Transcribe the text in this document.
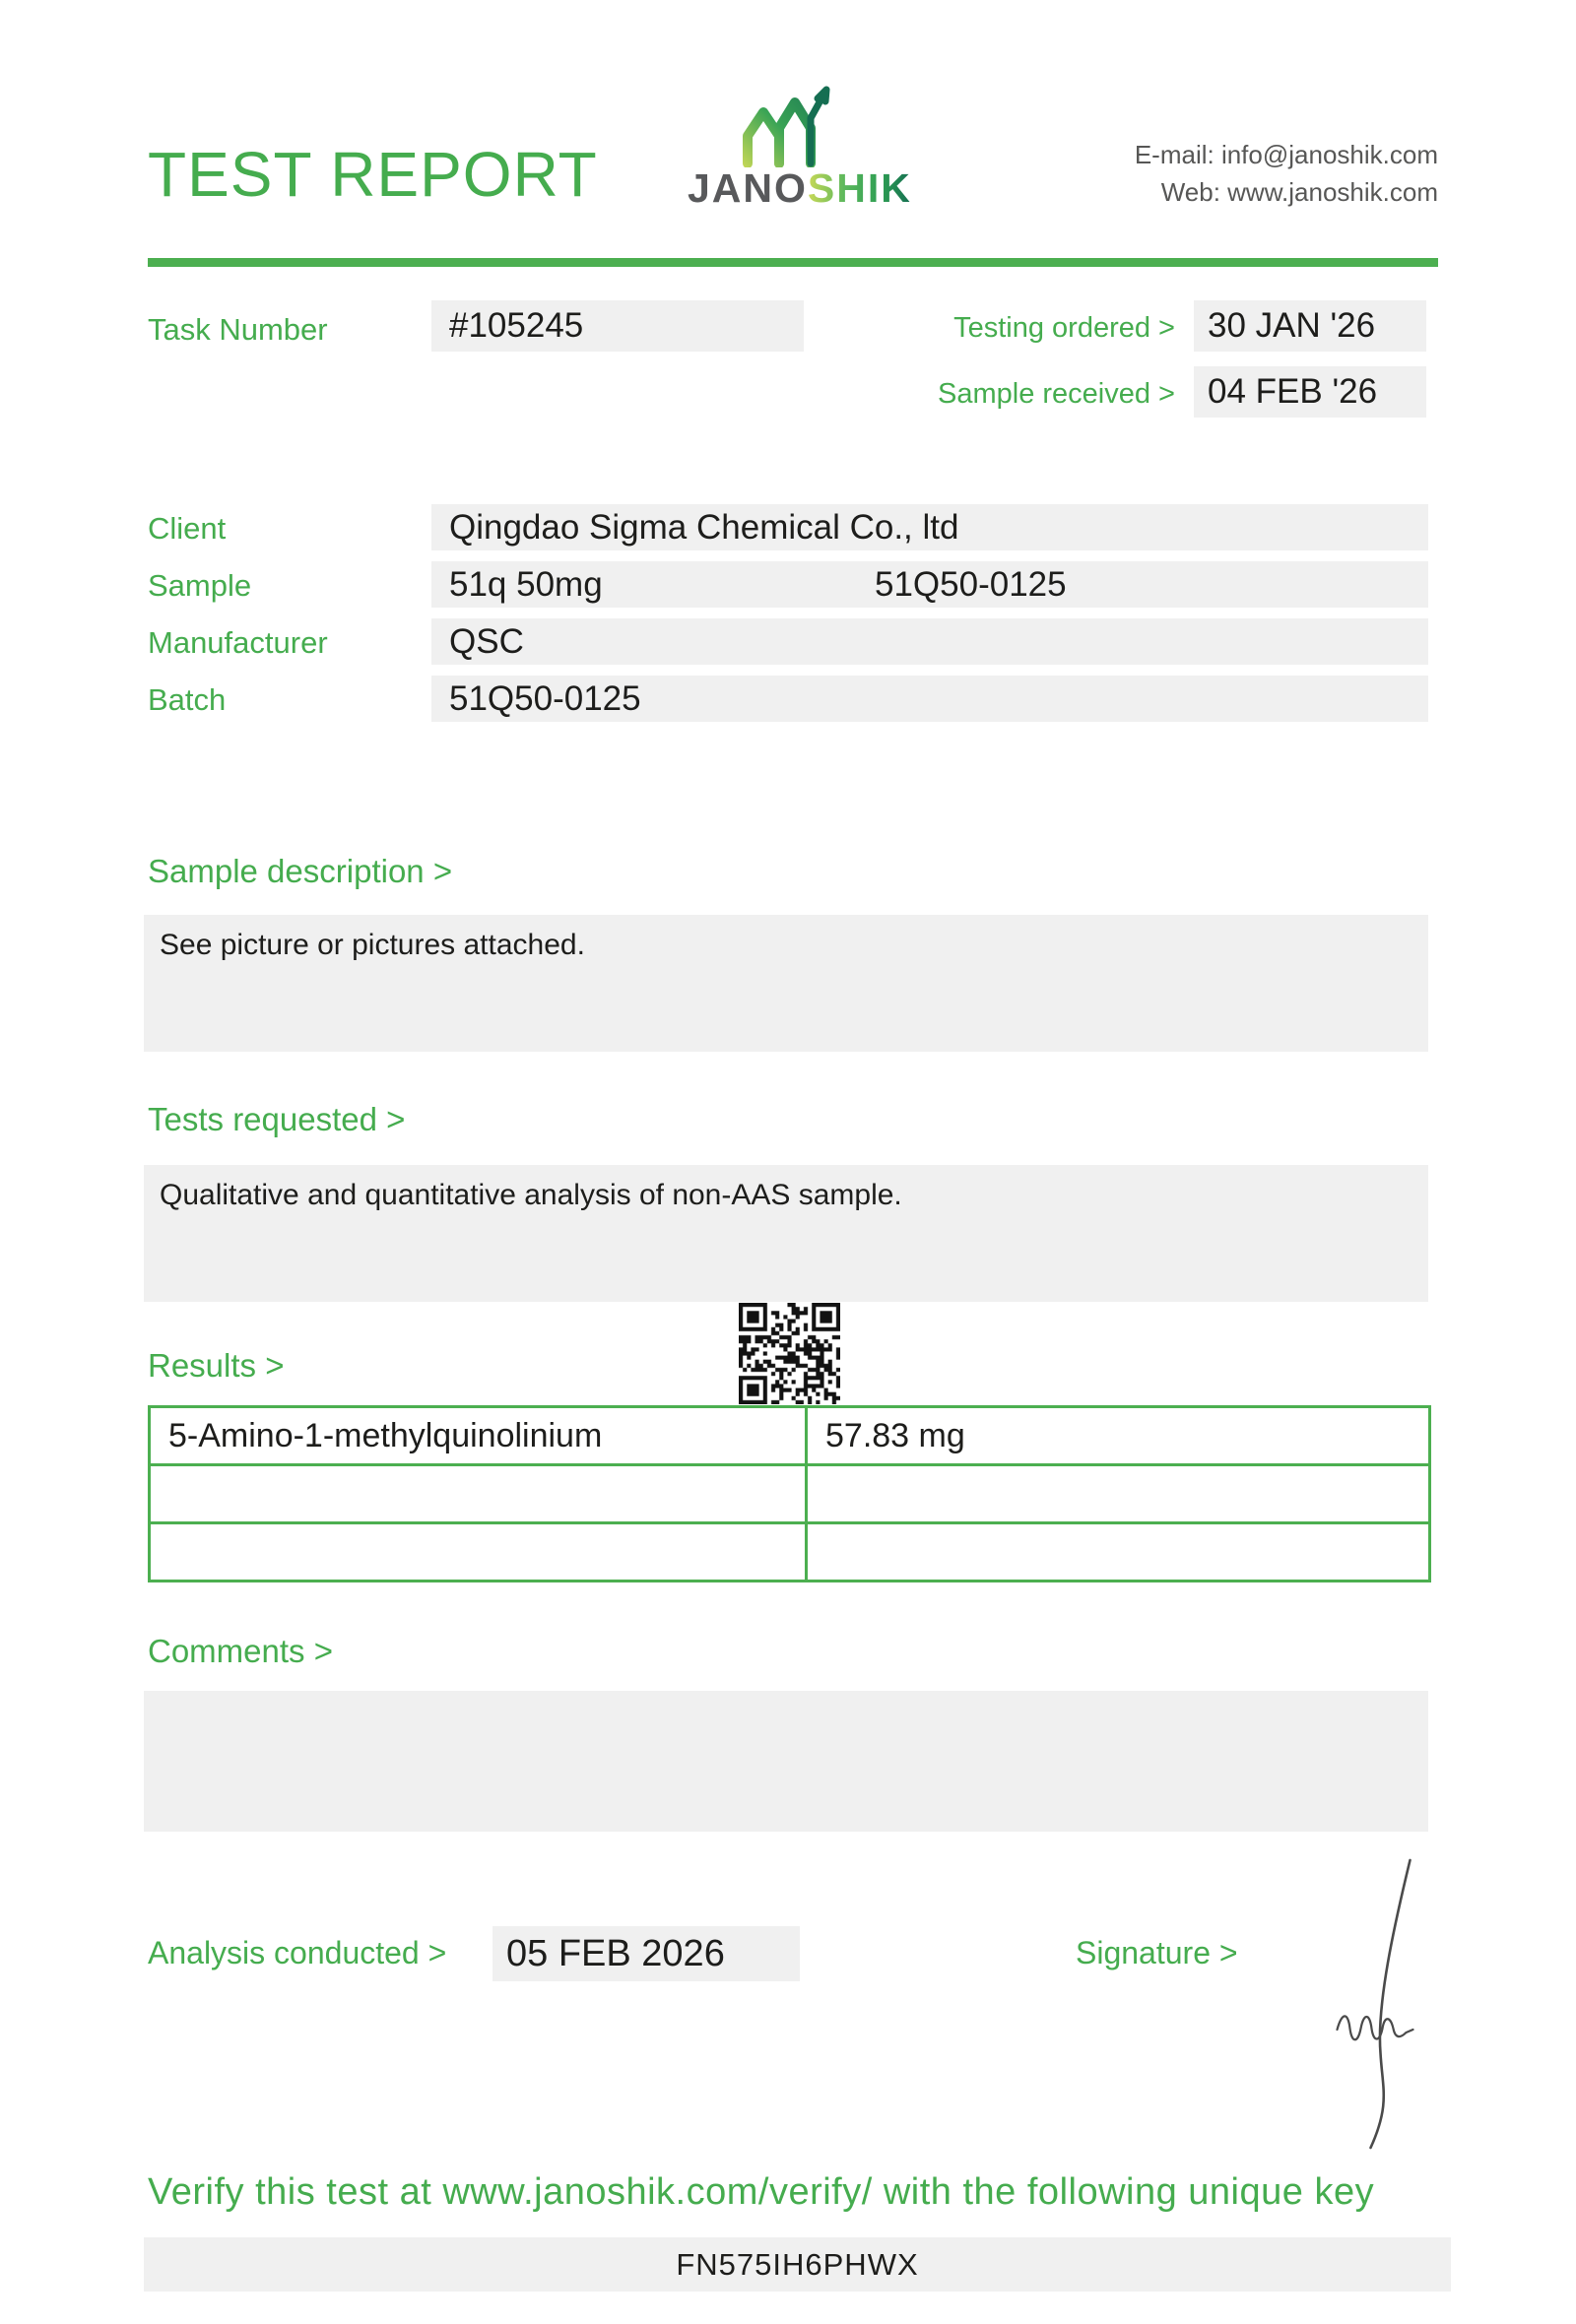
TEST REPORT JANOSHIK
E-mail: info@janoshik.com
Web: www.janoshik.com
Task Number	#105245	Testing ordered > 30 JAN '26
Sample received > 04 FEB '26
Client	Qingdao Sigma Chemical Co., ltd
Sample	51q 50mg	51Q50-0125
Manufacturer	QSC
Batch	51Q50-0125
Sample description >
See picture or pictures attached.
Tests requested >
Qualitative and quantitative analysis of non-AAS sample.
Results >
5-Amino-1-methylquinolinium	57.83 mg
Comments >
Analysis conducted >	05 FEB 2026	Signature >
Verify this test at www.janoshik.com/verify/ with the following unique key
FN575IH6PHWX
